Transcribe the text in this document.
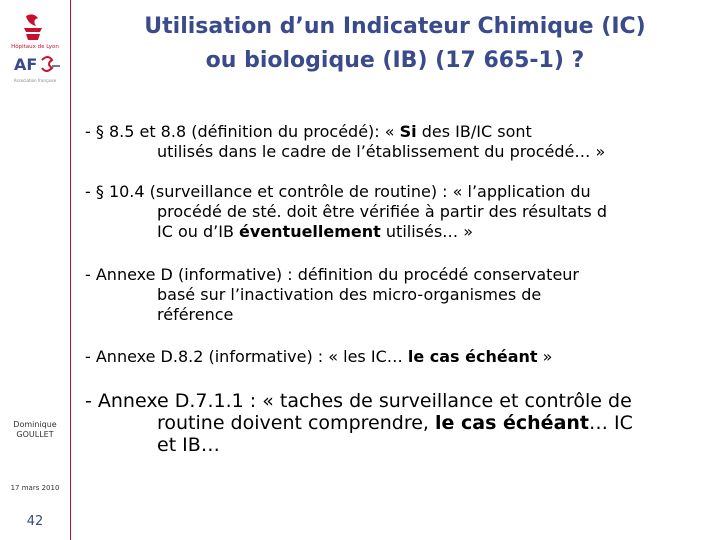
Hôpitaux de Lyon
AF
Association française
Dominique
GOULLET
17 mars 2010
42
Utilisation d’un Indicateur Chimique (IC)
ou biologique (IB) (17 665-1) ?
- § 8.5 et 8.8 (définition du procédé): « Si des IB/IC sont
utilisés dans le cadre de l’établissement du procédé… »
- § 10.4 (surveillance et contrôle de routine) : « l’application du
procédé de sté. doit être vérifiée à partir des résultats d
IC ou d’IB éventuellement utilisés… »
- Annexe D (informative) : définition du procédé conservateur
basé sur l’inactivation des micro-organismes de
référence
- Annexe D.8.2 (informative) : « les IC… le cas échéant »
- Annexe D.7.1.1 : « taches de surveillance et contrôle de
routine doivent comprendre, le cas échéant… IC
et IB…
